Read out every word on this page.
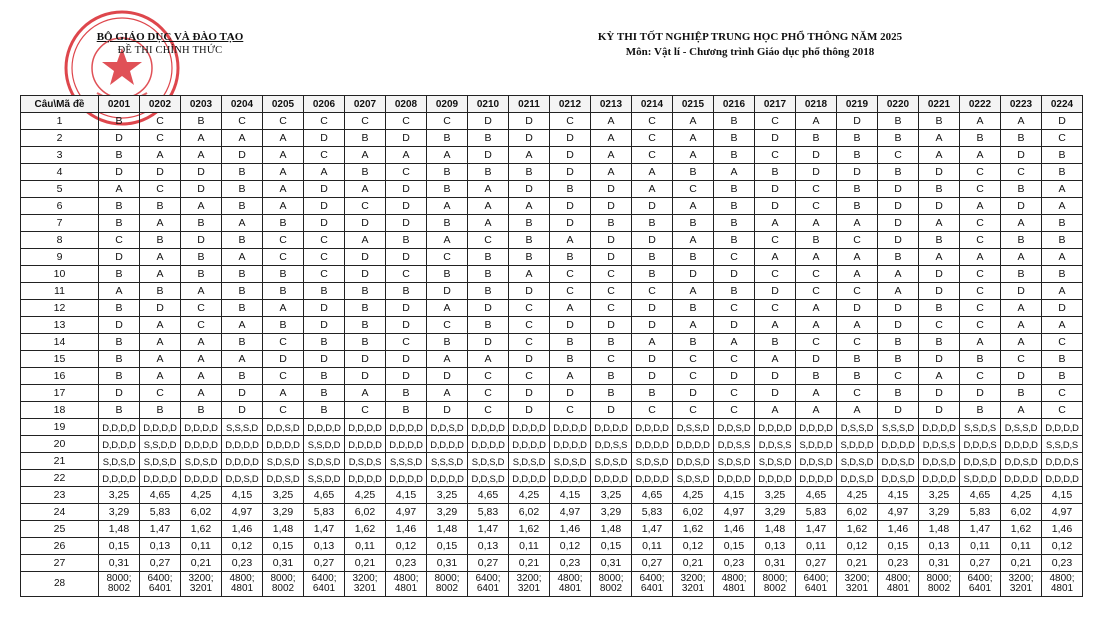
BỘ GIÁO DỤC VÀ ĐÀO TẠO
ĐỀ THI CHÍNH THỨC
KỲ THI TỐT NGHIỆP TRUNG HỌC PHỔ THÔNG NĂM 2025
Môn: Vật lí - Chương trình Giáo dục phổ thông 2018
Câu\Mã đề	0201	0202	0203	0204	0205	0206	0207	0208	0209	0210	0211	0212	0213	0214	0215	0216	0217	0218	0219	0220	0221	0222	0223	0224
1	B	C	B	C	C	C	C	C	C	D	D	C	A	C	A	B	C	A	D	B	B	A	A	D
2	D	C	A	A	A	D	B	D	B	B	D	D	A	C	A	B	D	B	B	B	A	B	B	C
3	B	A	A	D	A	C	A	A	A	D	A	D	A	C	A	B	C	D	B	C	A	A	D	B
4	D	D	D	B	A	A	B	C	B	B	B	D	A	A	B	A	B	D	D	B	D	C	C	B
5	A	C	D	B	A	D	A	D	B	A	D	B	D	A	C	B	D	C	B	D	B	C	B	A
6	B	B	A	B	A	D	C	D	A	A	A	D	D	D	A	B	D	C	B	D	D	A	D	A
7	B	A	B	A	B	D	D	D	B	A	B	D	B	B	B	B	A	A	A	D	A	C	A	B
8	C	B	D	B	C	C	A	B	A	C	B	A	D	D	A	B	C	B	C	D	B	C	B	B
9	D	A	B	A	C	C	D	D	C	B	B	B	D	B	B	C	A	A	A	B	A	A	A	A
10	B	A	B	B	B	C	D	C	B	B	A	C	C	B	D	D	C	C	A	A	D	C	B	B
11	A	B	A	B	B	B	B	B	D	B	D	C	C	C	A	B	D	C	C	A	D	C	D	A
12	B	D	C	B	A	D	B	D	A	D	C	A	C	D	B	C	C	A	D	D	B	C	A	D
13	D	A	C	A	B	D	B	D	C	B	C	D	D	D	A	D	A	A	A	D	C	C	A	A
14	B	A	A	B	C	B	B	C	B	D	C	B	B	A	B	A	B	C	C	B	B	A	A	C
15	B	A	A	A	D	D	D	D	A	A	D	B	C	D	C	C	A	D	B	B	D	B	C	B
16	B	A	A	B	C	B	D	D	D	C	C	A	B	D	C	D	D	B	B	C	A	C	D	B
17	D	C	A	D	A	B	A	B	A	C	D	D	B	B	D	C	D	A	C	B	D	D	B	C
18	B	B	B	D	C	B	C	B	D	C	D	C	D	C	C	C	A	A	A	D	D	B	A	C
19	D,D,D,D	D,D,D,D	D,D,D,D	S,S,S,D	D,D,S,D	D,D,D,D	D,D,D,D	D,D,D,D	D,D,S,D	D,D,D,D	D,D,D,D	D,D,D,D	D,D,D,D	D,D,D,D	D,S,S,D	D,D,S,D	D,D,D,D	D,D,D,D	D,S,S,D	S,S,S,D	D,D,D,D	S,S,D,S	D,S,S,D	D,D,D,D
20	D,D,D,D	S,S,D,D	D,D,D,D	D,D,D,D	D,D,D,D	S,S,D,D	D,D,D,D	D,D,D,D	D,D,D,D	D,D,D,D	D,D,D,D	D,D,D,D	D,D,S,S	D,D,D,D	D,D,D,D	D,D,S,S	D,D,S,S	S,D,D,D	S,D,D,D	D,D,D,D	D,D,S,S	D,D,D,S	D,D,D,D	S,S,D,S
21	S,D,S,D	S,D,S,D	S,D,S,D	D,D,D,D	S,D,S,D	S,D,S,D	D,S,D,S	S,S,S,D	S,S,S,D	S,D,S,D	S,D,S,D	S,D,S,D	S,D,S,D	S,D,S,D	D,D,S,D	S,D,S,D	S,D,S,D	D,D,S,D	S,D,S,D	D,D,S,D	D,D,S,D	D,D,S,D	D,D,S,D	D,D,D,S
22	D,D,D,D	D,D,D,D	D,D,D,D	D,D,S,D	D,D,S,D	S,S,D,D	D,D,D,D	D,D,D,D	D,D,D,D	D,D,S,D	D,D,D,D	D,D,D,D	D,D,D,D	D,D,D,D	S,D,S,D	D,D,D,D	D,D,D,D	D,D,D,D	D,D,S,D	D,D,S,D	D,D,D,D	S,D,D,D	D,D,D,D	D,D,D,D
23	3,25	4,65	4,25	4,15	3,25	4,65	4,25	4,15	3,25	4,65	4,25	4,15	3,25	4,65	4,25	4,15	3,25	4,65	4,25	4,15	3,25	4,65	4,25	4,15
24	3,29	5,83	6,02	4,97	3,29	5,83	6,02	4,97	3,29	5,83	6,02	4,97	3,29	5,83	6,02	4,97	3,29	5,83	6,02	4,97	3,29	5,83	6,02	4,97
25	1,48	1,47	1,62	1,46	1,48	1,47	1,62	1,46	1,48	1,47	1,62	1,46	1,48	1,47	1,62	1,46	1,48	1,47	1,62	1,46	1,48	1,47	1,62	1,46
26	0,15	0,13	0,11	0,12	0,15	0,13	0,11	0,12	0,15	0,13	0,11	0,12	0,15	0,11	0,12	0,15	0,13	0,11	0,12	0,15	0,13	0,11	0,11	0,12
27	0,31	0,27	0,21	0,23	0,31	0,27	0,21	0,23	0,31	0,27	0,21	0,23	0,31	0,27	0,21	0,23	0,31	0,27	0,21	0,23	0,31	0,27	0,21	0,23
28	8000; 8002	6400; 6401	3200; 3201	4800; 4801	8000; 8002	6400; 6401	3200; 3201	4800; 4801	8000; 8002	6400; 6401	3200; 3201	4800; 4801	8000; 8002	6400; 6401	3200; 3201	4800; 4801	8000; 8002	6400; 6401	3200; 3201	4800; 4801	8000; 8002	6400; 6401	3200; 3201	4800; 4801
